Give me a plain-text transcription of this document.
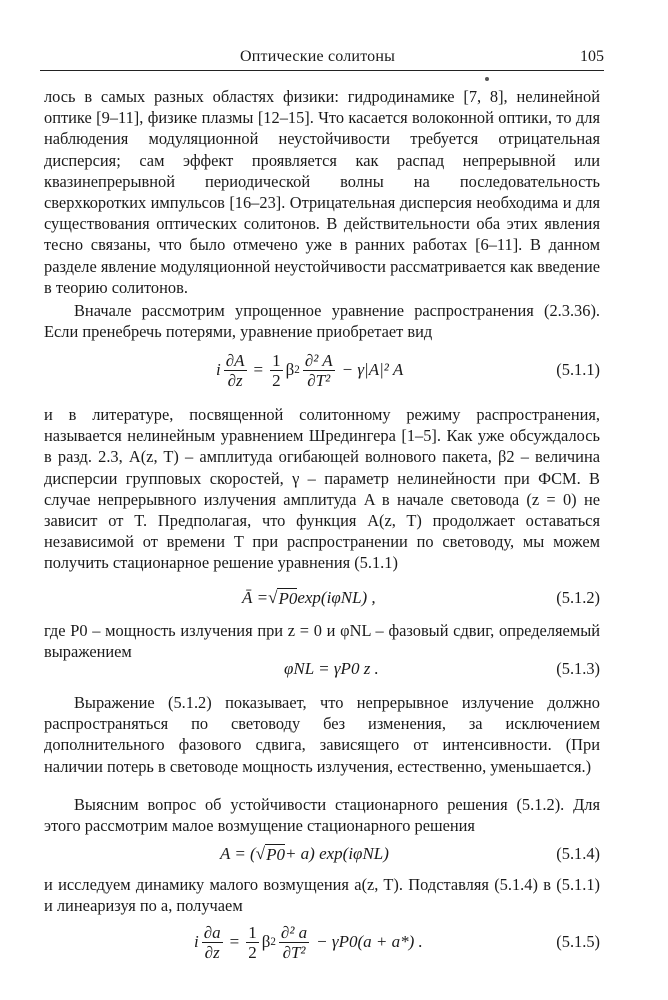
Оптические солитоны	105

лось в самых разных областях физики: гидродинамике [7, 8], нелинейной оптике [9–11], физике плазмы [12–15]. Что касается волоконной оптики, то для наблюдения модуляционной неустойчивости требуется отрицательная дисперсия; сам эффект проявляется как распад непрерывной или квазинепрерывной периодической волны на последовательность сверхкоротких импульсов [16–23]. Отрицательная дисперсия необходима и для существования оптических солитонов. В действительности оба этих явления тесно связаны, что было отмечено уже в ранних работах [6–11]. В данном разделе явление модуляционной неустойчивости рассматривается как введение в теорию солитонов.

Вначале рассмотрим упрощенное уравнение распространения (2.3.36). Если пренебречь потерями, уравнение приобретает вид

i $\frac{\partial A}{\partial z} = \frac{1}{2}$ β $2 \frac{\text{∂² A}}{\text{∂T²}} - \gamma|A|^2$ A	(5.1.1)

и в литературе, посвященной солитонному режиму распространения, называется нелинейным уравнением Шредингера [1–5]. Как уже обсуждалось в разд. 2.3, A(z, T) – амплитуда огибающей волнового пакета, β2 – величина дисперсии групповых скоростей, γ – параметр нелинейности при ФСМ. В случае непрерывного излучения амплитуда A в начале световода (z = 0) не зависит от T. Предполагая, что функция A(z, T) продолжает оставаться независимой от времени T при распространении по световоду, мы можем получить стационарное решение уравнения (5.1.1)

Ā = √ P0 exp(iφNL) ,	(5.1.2)

где P0 – мощность излучения при z = 0 и φNL – фазовый сдвиг, определяемый выражением

φNL = γP0 z .	(5.1.3)

Выражение (5.1.2) показывает, что непрерывное излучение должно распространяться по световоду без изменения, за исключением дополнительного фазового сдвига, зависящего от интенсивности. (При наличии потерь в световоде мощность излучения, естественно, уменьшается.)

Выясним вопрос об устойчивости стационарного решения (5.1.2). Для этого рассмотрим малое возмущение стационарного решения

A = ( √ P0 + a) exp(iφNL)	(5.1.4)

и исследуем динамику малого возмущения a(z, T). Подставляя (5.1.4) в (5.1.1) и линеаризуя по a, получаем

i $\frac{\partial a}{\partial z} = \frac{1}{2}$ β $2 \frac{\text{∂² a}}{\text{∂T²}} - \gamma P0(a + a*)$ .	(5.1.5)
